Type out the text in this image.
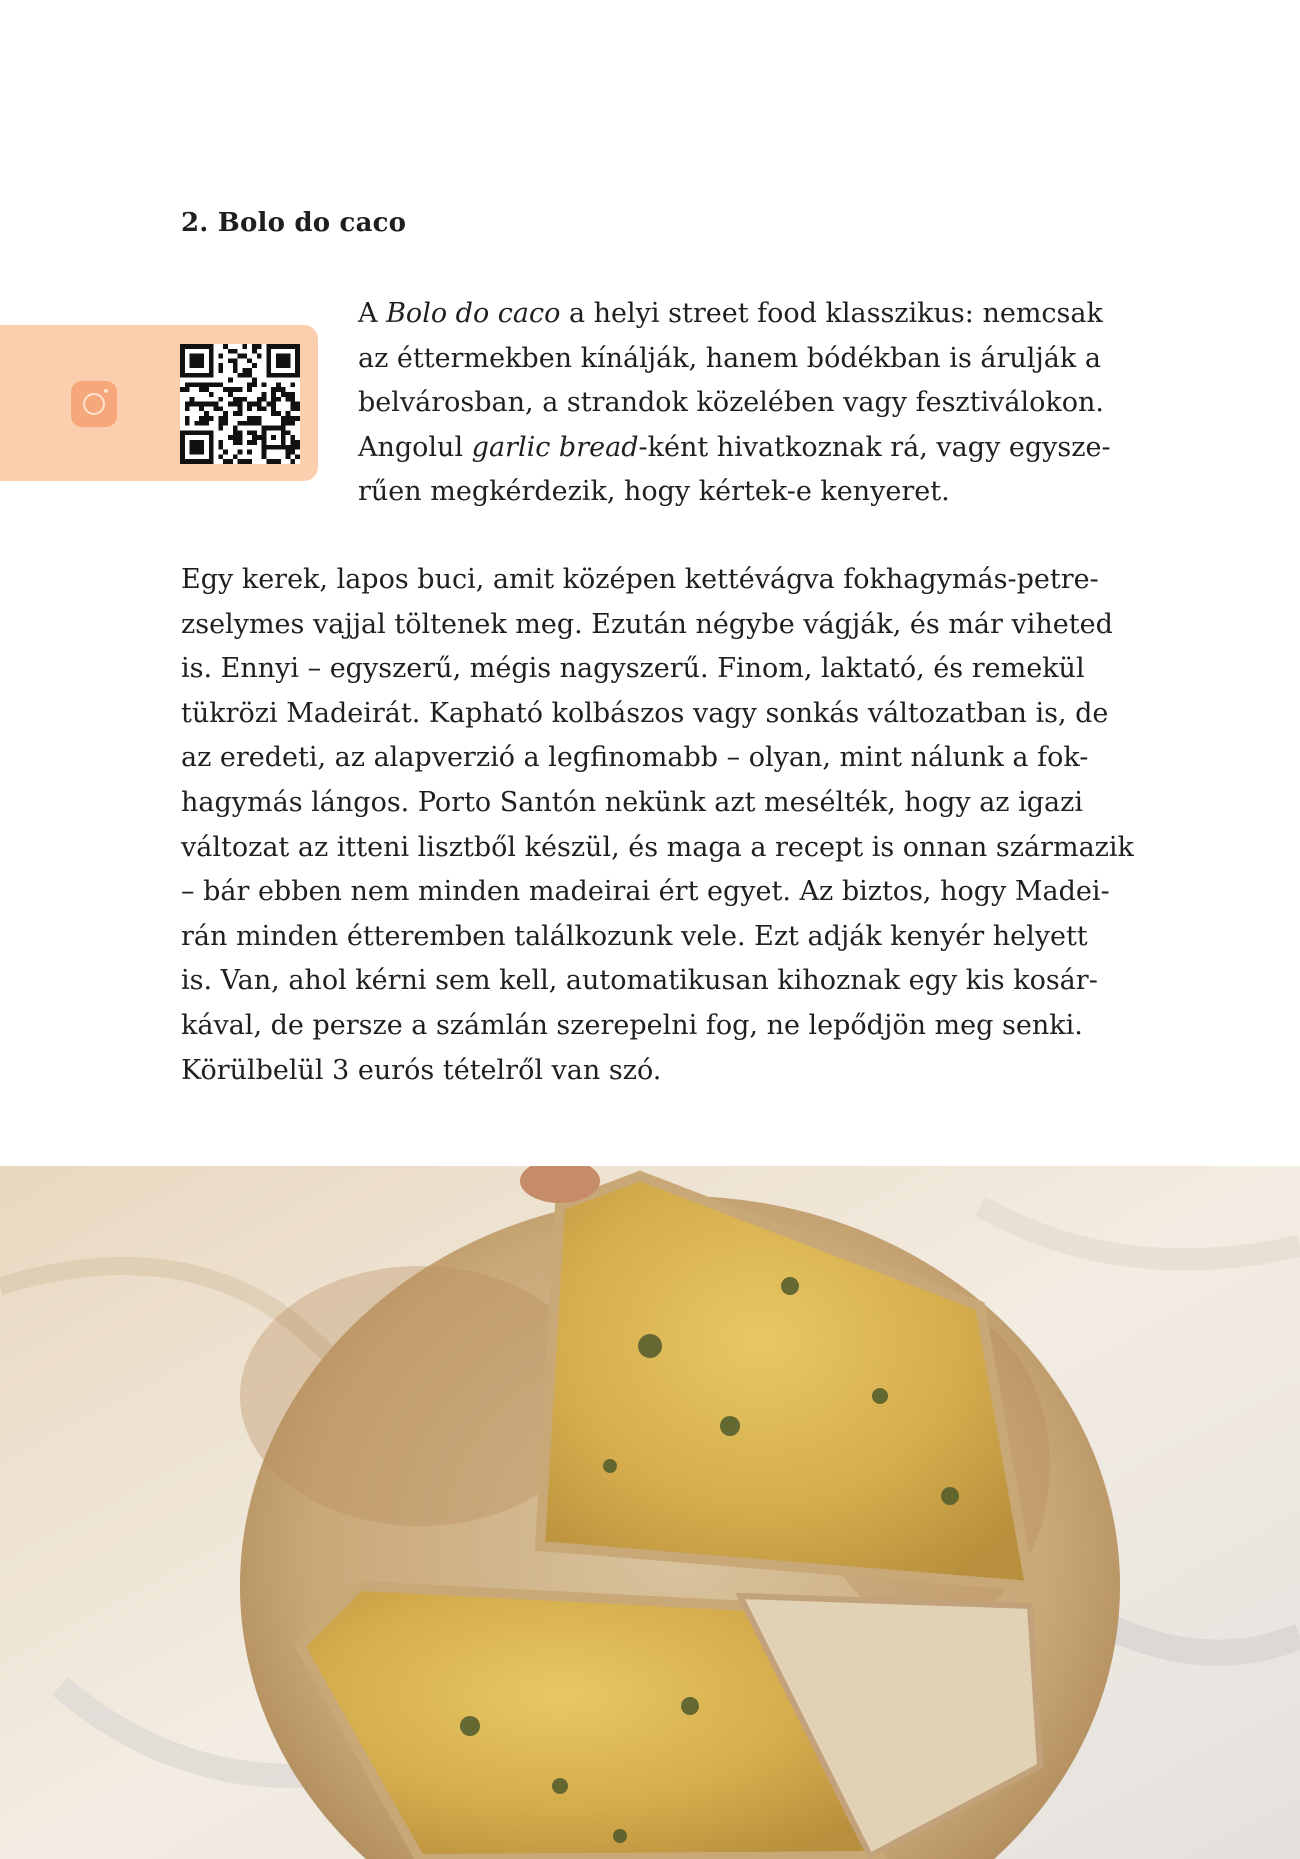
2. Bolo do caco
A Bolo do caco a helyi street food klasszikus: nemcsak
az éttermekben kínálják, hanem bódékban is árulják a
belvárosban, a strandok közelében vagy fesztiválokon.
Angolul garlic bread-ként hivatkoznak rá, vagy egysze-
rűen megkérdezik, hogy kértek-e kenyeret.
Egy kerek, lapos buci, amit középen kettévágva fokhagymás-petre-
zselymes vajjal töltenek meg. Ezután négybe vágják, és már viheted
is. Ennyi – egyszerű, mégis nagyszerű. Finom, laktató, és remekül
tükrözi Madeirát. Kapható kolbászos vagy sonkás változatban is, de
az eredeti, az alapverzió a legfinomabb – olyan, mint nálunk a fok-
hagymás lángos. Porto Santón nekünk azt mesélték, hogy az igazi
változat az itteni lisztből készül, és maga a recept is onnan származik
– bár ebben nem minden madeirai ért egyet. Az biztos, hogy Madei-
rán minden étteremben találkozunk vele. Ezt adják kenyér helyett
is. Van, ahol kérni sem kell, automatikusan kihoznak egy kis kosár-
kával, de persze a számlán szerepelni fog, ne lepődjön meg senki.
Körülbelül 3 eurós tételről van szó.
